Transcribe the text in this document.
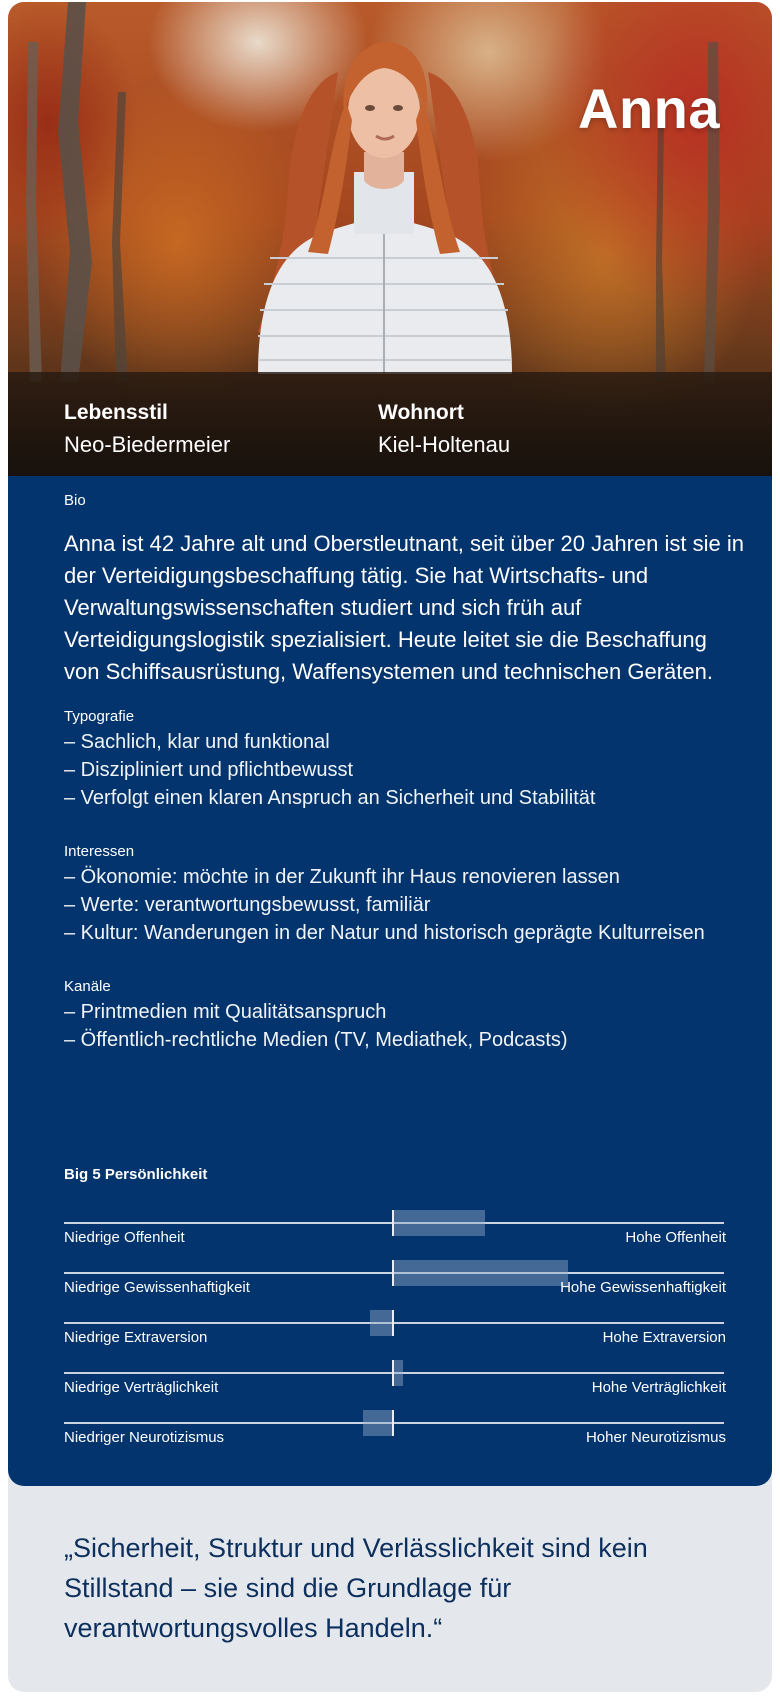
Anna
Lebensstil
Neo-Biedermeier
Wohnort
Kiel-Holtenau
Bio
Anna ist 42 Jahre alt und Oberstleutnant, seit über 20 Jahren ist sie in der Verteidigungsbeschaffung tätig. Sie hat Wirtschafts- und Verwaltungswissenschaften studiert und sich früh auf Verteidigungslogistik spezialisiert. Heute leitet sie die Beschaffung von Schiffsausrüstung, Waffensystemen und technischen Geräten.
Typografie
– Sachlich, klar und funktional
– Diszipliniert und pflichtbewusst
– Verfolgt einen klaren Anspruch an Sicherheit und Stabilität
Interessen
– Ökonomie: möchte in der Zukunft ihr Haus renovieren lassen
– Werte: verantwortungsbewusst, familiär
– Kultur: Wanderungen in der Natur und historisch geprägte Kulturreisen
Kanäle
– Printmedien mit Qualitätsanspruch
– Öffentlich-rechtliche Medien (TV, Mediathek, Podcasts)
Big 5 Persönlichkeit
Niedrige Offenheit	Hohe Offenheit
Niedrige Gewissenhaftigkeit	Hohe Gewissenhaftigkeit
Niedrige Extraversion	Hohe Extraversion
Niedrige Verträglichkeit	Hohe Verträglichkeit
Niedriger Neurotizismus	Hoher Neurotizismus
„Sicherheit, Struktur und Verlässlichkeit sind kein Stillstand – sie sind die Grundlage für verantwortungsvolles Handeln.“
